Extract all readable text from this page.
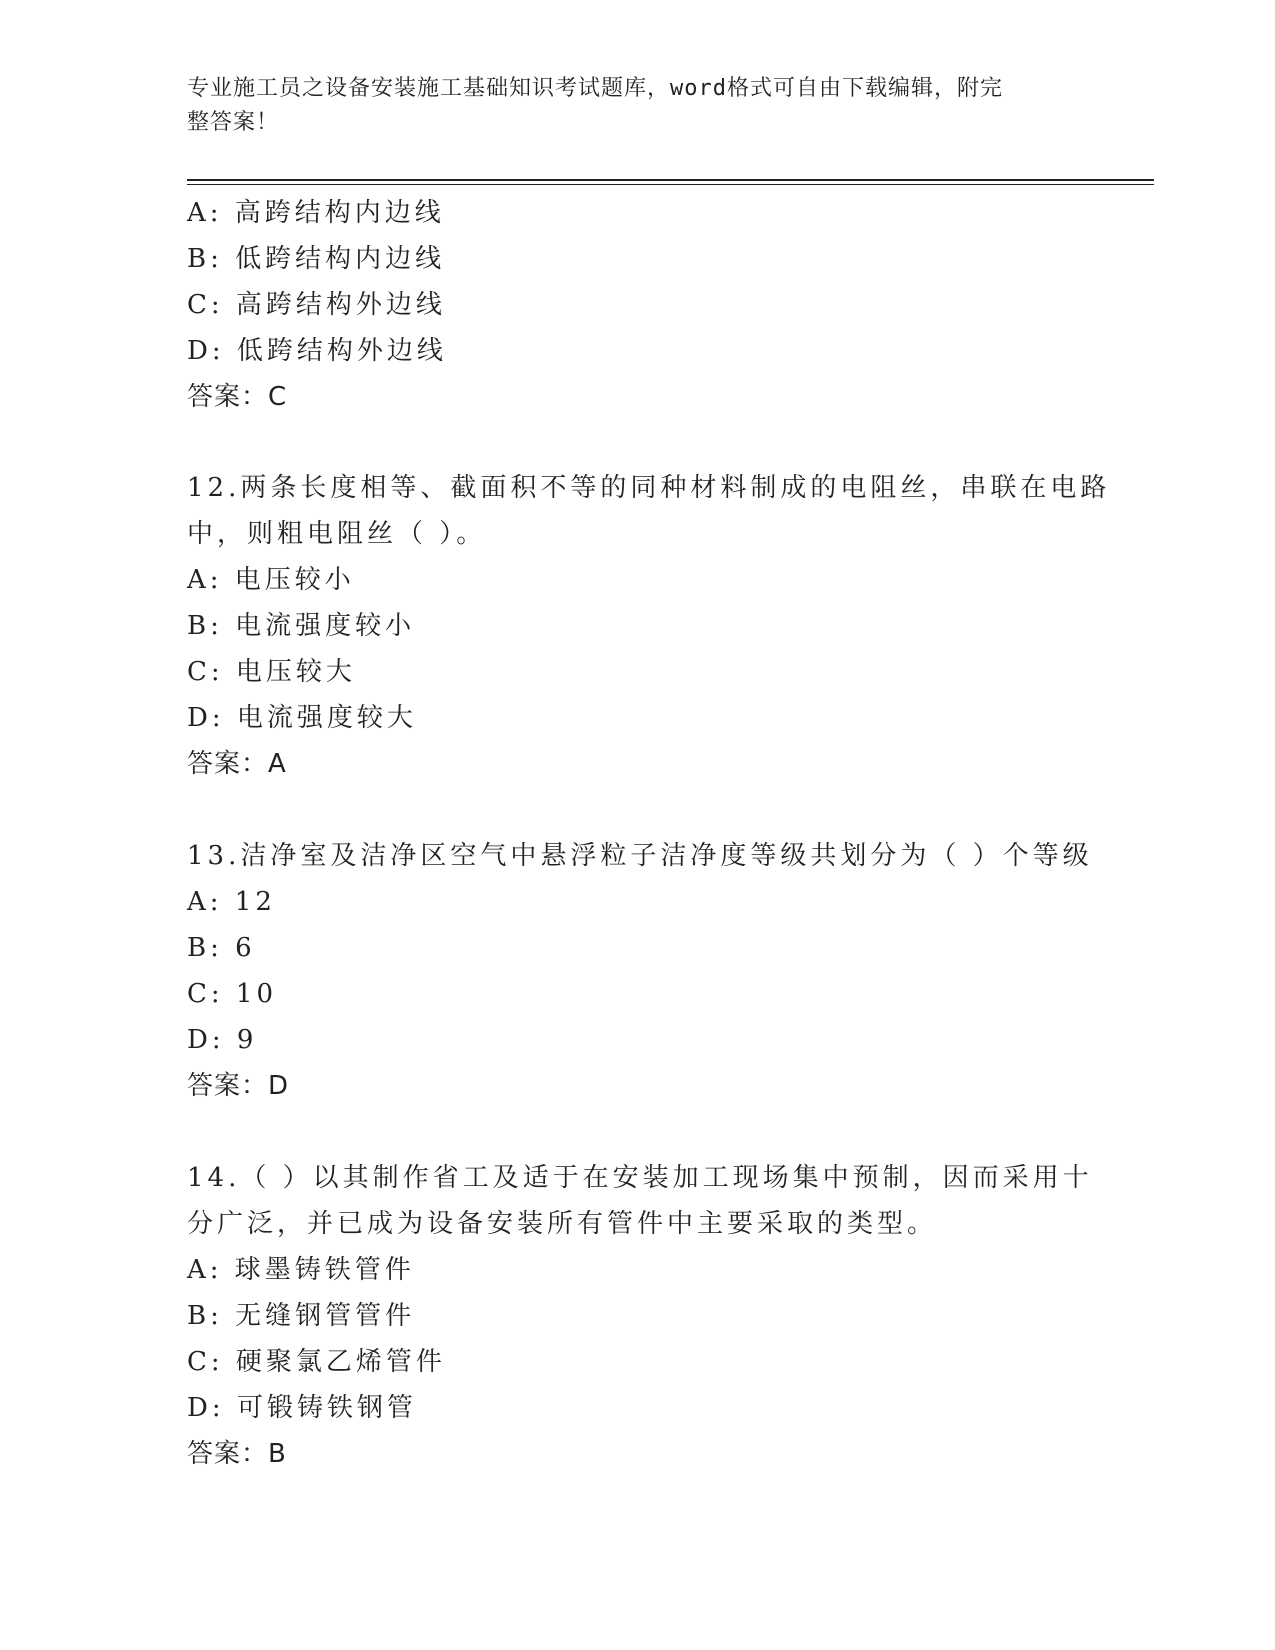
专业施工员之设备安装施工基础知识考试题库，word格式可自由下载编辑，附完
整答案！
A: 高跨结构内边线
B: 低跨结构内边线
C: 高跨结构外边线
D: 低跨结构外边线
答案：C
12.两条长度相等、截面积不等的同种材料制成的电阻丝，串联在电路
中，则粗电阻丝（ ）。
A: 电压较小
B: 电流强度较小
C: 电压较大
D: 电流强度较大
答案：A
13.洁净室及洁净区空气中悬浮粒子洁净度等级共划分为（ ）个等级
A: 12
B: 6
C: 10
D: 9
答案：D
14.（ ）以其制作省工及适于在安装加工现场集中预制，因而采用十
分广泛，并已成为设备安装所有管件中主要采取的类型。
A: 球墨铸铁管件
B: 无缝钢管管件
C: 硬聚氯乙烯管件
D: 可锻铸铁钢管
答案：B
